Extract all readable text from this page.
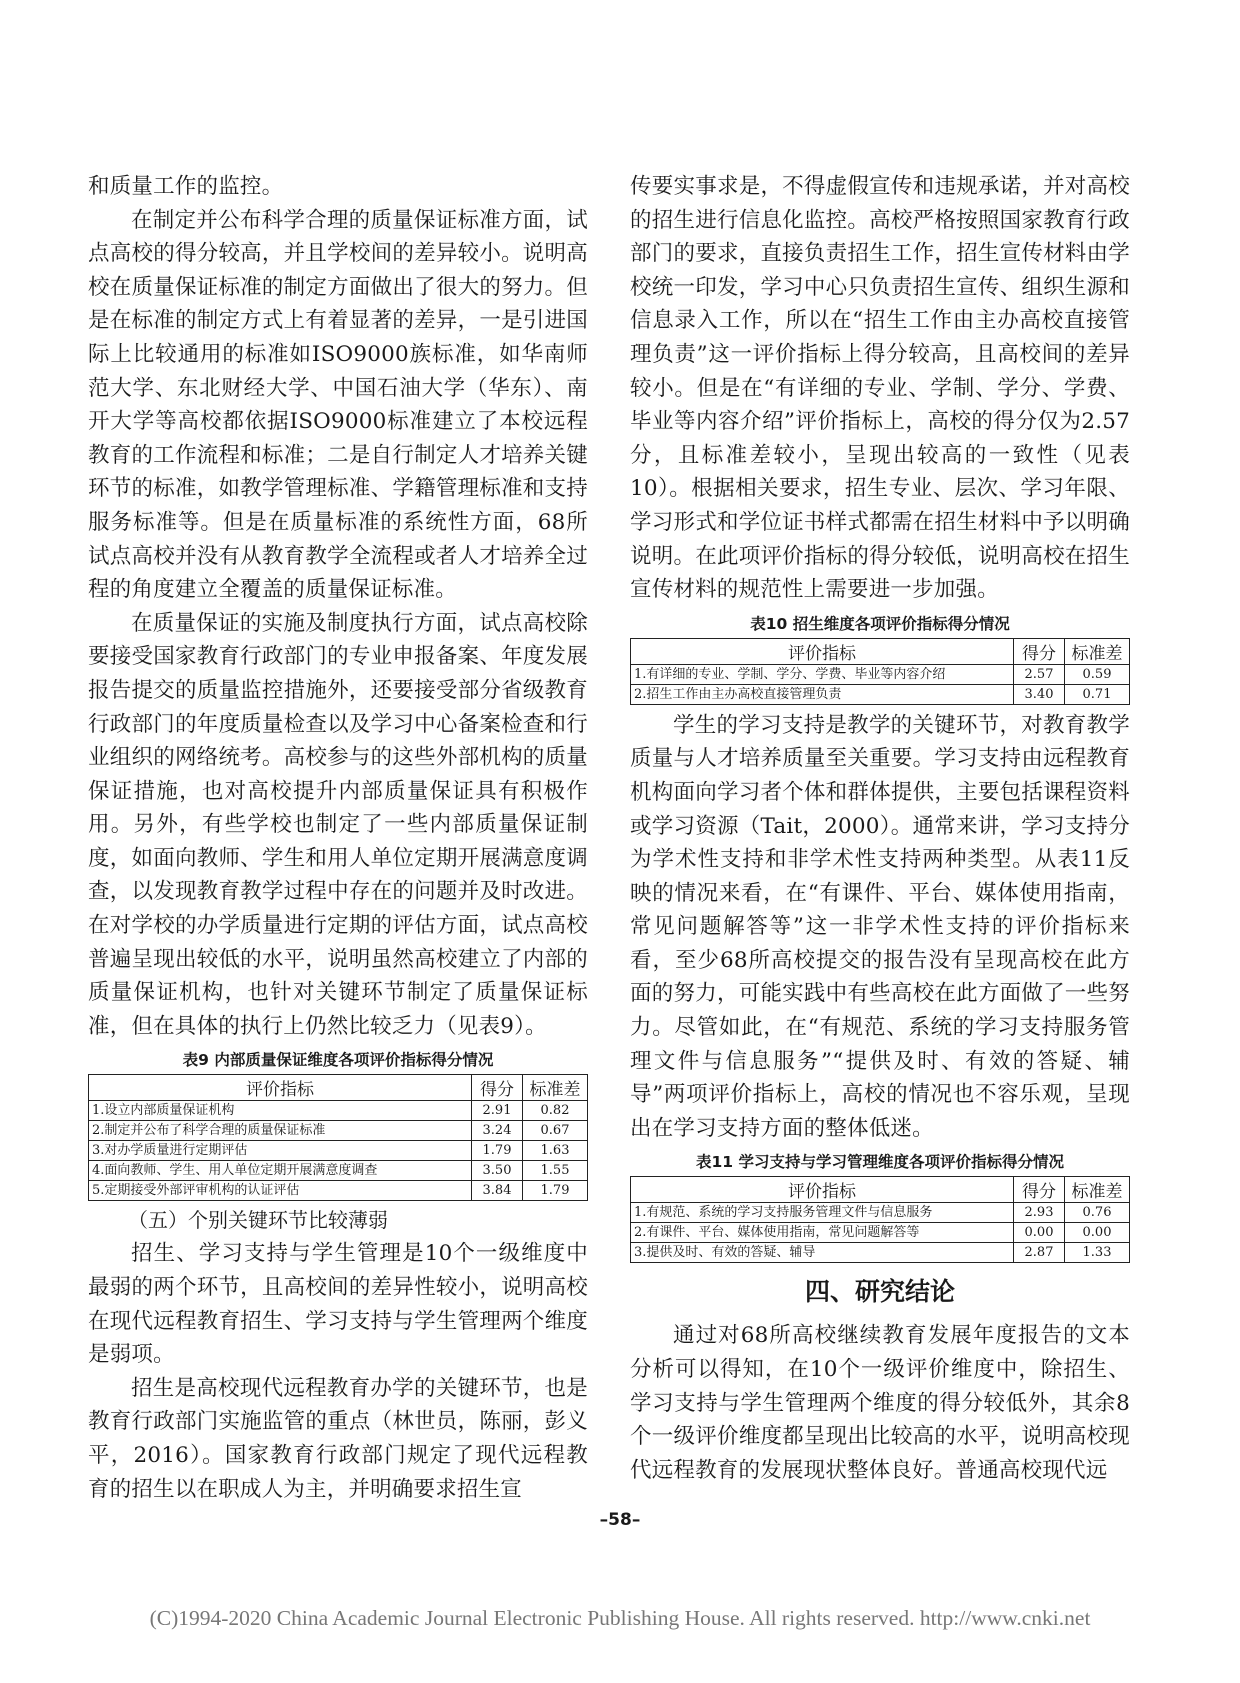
和质量工作的监控。

在制定并公布科学合理的质量保证标准方面，试点高校的得分较高，并且学校间的差异较小。说明高校在质量保证标准的制定方面做出了很大的努力。但是在标准的制定方式上有着显著的差异，一是引进国际上比较通用的标准如ISO9000族标准，如华南师范大学、东北财经大学、中国石油大学（华东）、南开大学等高校都依据ISO9000标准建立了本校远程教育的工作流程和标准；二是自行制定人才培养关键环节的标准，如教学管理标准、学籍管理标准和支持服务标准等。但是在质量标准的系统性方面，68所试点高校并没有从教育教学全流程或者人才培养全过程的角度建立全覆盖的质量保证标准。

在质量保证的实施及制度执行方面，试点高校除要接受国家教育行政部门的专业申报备案、年度发展报告提交的质量监控措施外，还要接受部分省级教育行政部门的年度质量检查以及学习中心备案检查和行业组织的网络统考。高校参与的这些外部机构的质量保证措施，也对高校提升内部质量保证具有积极作用。另外，有些学校也制定了一些内部质量保证制度，如面向教师、学生和用人单位定期开展满意度调查，以发现教育教学过程中存在的问题并及时改进。在对学校的办学质量进行定期的评估方面，试点高校普遍呈现出较低的水平，说明虽然高校建立了内部的质量保证机构，也针对关键环节制定了质量保证标准，但在具体的执行上仍然比较乏力（见表9）。

表9 内部质量保证维度各项评价指标得分情况
评价指标	得分	标准差
1.设立内部质量保证机构	2.91	0.82
2.制定并公布了科学合理的质量保证标准	3.24	0.67
3.对办学质量进行定期评估	1.79	1.63
4.面向教师、学生、用人单位定期开展满意度调查	3.50	1.55
5.定期接受外部评审机构的认证评估	3.84	1.79
（五）个别关键环节比较薄弱

招生、学习支持与学生管理是10个一级维度中最弱的两个环节，且高校间的差异性较小，说明高校在现代远程教育招生、学习支持与学生管理两个维度是弱项。

招生是高校现代远程教育办学的关键环节，也是教育行政部门实施监管的重点（林世员，陈丽，彭义平，2016）。国家教育行政部门规定了现代远程教育的招生以在职成人为主，并明确要求招生宣

传要实事求是，不得虚假宣传和违规承诺，并对高校的招生进行信息化监控。高校严格按照国家教育行政部门的要求，直接负责招生工作，招生宣传材料由学校统一印发，学习中心只负责招生宣传、组织生源和信息录入工作，所以在“招生工作由主办高校直接管理负责”这一评价指标上得分较高，且高校间的差异较小。但是在“有详细的专业、学制、学分、学费、毕业等内容介绍”评价指标上，高校的得分仅为2.57分，且标准差较小，呈现出较高的一致性（见表10）。根据相关要求，招生专业、层次、学习年限、学习形式和学位证书样式都需在招生材料中予以明确说明。在此项评价指标的得分较低，说明高校在招生宣传材料的规范性上需要进一步加强。

表10 招生维度各项评价指标得分情况
评价指标	得分	标准差
1.有详细的专业、学制、学分、学费、毕业等内容介绍	2.57	0.59
2.招生工作由主办高校直接管理负责	3.40	0.71

学生的学习支持是教学的关键环节，对教育教学质量与人才培养质量至关重要。学习支持由远程教育机构面向学习者个体和群体提供，主要包括课程资料或学习资源（Tait，2000）。通常来讲，学习支持分为学术性支持和非学术性支持两种类型。从表11反映的情况来看，在“有课件、平台、媒体使用指南，常见问题解答等”这一非学术性支持的评价指标来看，至少68所高校提交的报告没有呈现高校在此方面的努力，可能实践中有些高校在此方面做了一些努力。尽管如此，在“有规范、系统的学习支持服务管理文件与信息服务”“提供及时、有效的答疑、辅导”两项评价指标上，高校的情况也不容乐观，呈现出在学习支持方面的整体低迷。

表11 学习支持与学习管理维度各项评价指标得分情况
评价指标	得分	标准差
1.有规范、系统的学习支持服务管理文件与信息服务	2.93	0.76
2.有课件、平台、媒体使用指南，常见问题解答等	0.00	0.00
3.提供及时、有效的答疑、辅导	2.87	1.33
四、研究结论

通过对68所高校继续教育发展年度报告的文本分析可以得知，在10个一级评价维度中，除招生、学习支持与学生管理两个维度的得分较低外，其余8个一级评价维度都呈现出比较高的水平，说明高校现代远程教育的发展现状整体良好。普通高校现代远

–58–
(C)1994-2020 China Academic Journal Electronic Publishing House. All rights reserved. http://www.cnki.net
